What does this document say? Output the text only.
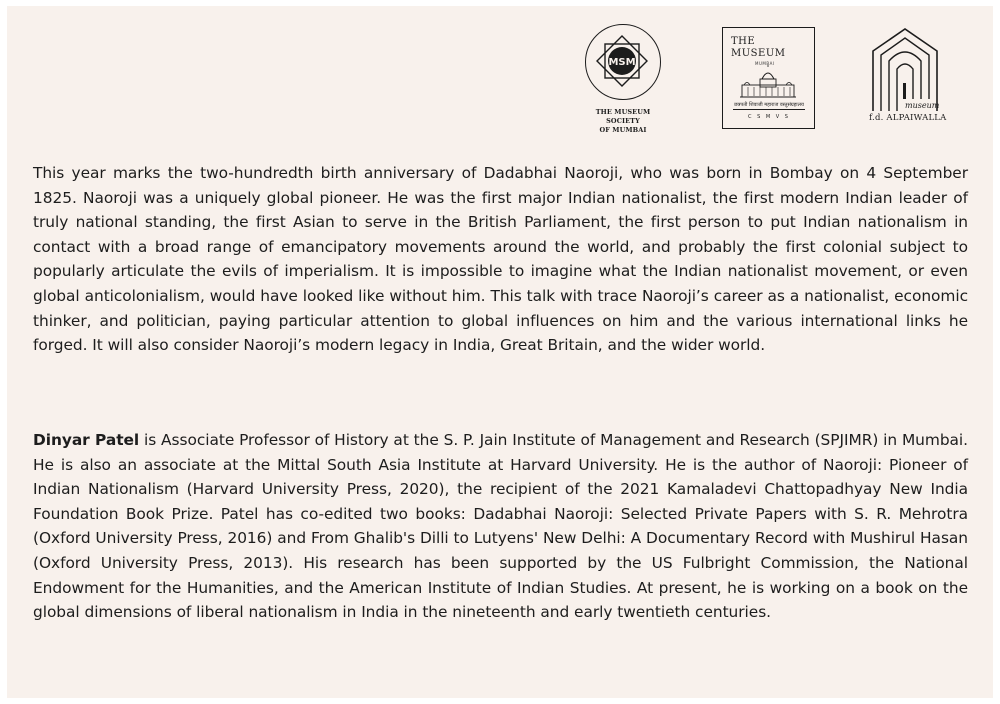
MSM
THE MUSEUM SOCIETY
OF MUMBAI
THE
MUSEUM
MUMBAI
छत्रपती शिवाजी महाराज वस्तुसंग्रहालय
C S M V S
museum
f.d. ALPAIWALLA

This year marks the two-hundredth birth anniversary of Dadabhai Naoroji, who was born in Bombay on 4 September 1825. Naoroji was a uniquely global pioneer. He was the first major Indian nationalist, the first modern Indian leader of truly national standing, the first Asian to serve in the British Parliament, the first person to put Indian nationalism in contact with a broad range of emancipatory movements around the world, and probably the first colonial subject to popularly articulate the evils of imperialism. It is impossible to imagine what the Indian nationalist movement, or even global anticolonialism, would have looked like without him. This talk with trace Naoroji’s career as a nationalist, economic thinker, and politician, paying particular attention to global influences on him and the various international links he forged. It will also consider Naoroji’s modern legacy in India, Great Britain, and the wider world.

Dinyar Patel is Associate Professor of History at the S. P. Jain Institute of Management and Research (SPJIMR) in Mumbai. He is also an associate at the Mittal South Asia Institute at Harvard University. He is the author of Naoroji: Pioneer of Indian Nationalism (Harvard University Press, 2020), the recipient of the 2021 Kamaladevi Chattopadhyay New India Foundation Book Prize. Patel has co-edited two books: Dadabhai Naoroji: Selected Private Papers with S. R. Mehrotra (Oxford University Press, 2016) and From Ghalib's Dilli to Lutyens' New Delhi: A Documentary Record with Mushirul Hasan (Oxford University Press, 2013). His research has been supported by the US Fulbright Commission, the National Endowment for the Humanities, and the American Institute of Indian Studies. At present, he is working on a book on the global dimensions of liberal nationalism in India in the nineteenth and early twentieth centuries.
